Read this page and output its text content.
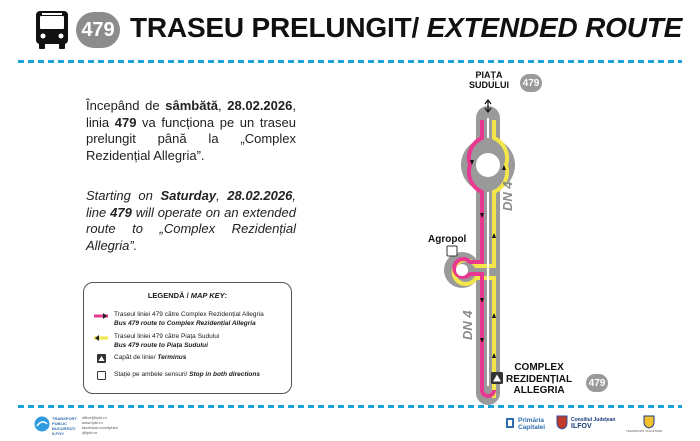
479 TRASEU PRELUNGIT/ EXTENDED ROUTE
Începând de sâmbătă, 28.02.2026, linia 479 va funcționa pe un traseu prelungit până la „Complex Rezidențial Allegria”.
Starting on Saturday, 28.02.2026, line 479 will operate on an extended route to „Complex Rezidențial Allegria”.
LEGENDĂ / MAP KEY:
Traseul liniei 479 către Complex Rezidențial Allegria
Bus 479 route to Complex Rezidențial Allegria
Traseul liniei 479 către Piața Sudului
Bus 479 route to Piața Sudului
Capăt de linie/ Terminus
Stație pe ambele sensuri/ Stop in both directions
PIAȚA
SUDULUI	479
Agropol
DN 4
DN 4
COMPLEX
REZIDENȚIAL
ALLEGRIA
479
TRANSPORT
PUBLIC
BUCUREȘTI
ILFOV
office@tpbi.ro
www.tpbi.ro
facebook.com/tpbiro
@tpbi.ro
Primăria
Capitalei
Consiliul Județean
ILFOV
TRANSPORT VOLUNTARI
